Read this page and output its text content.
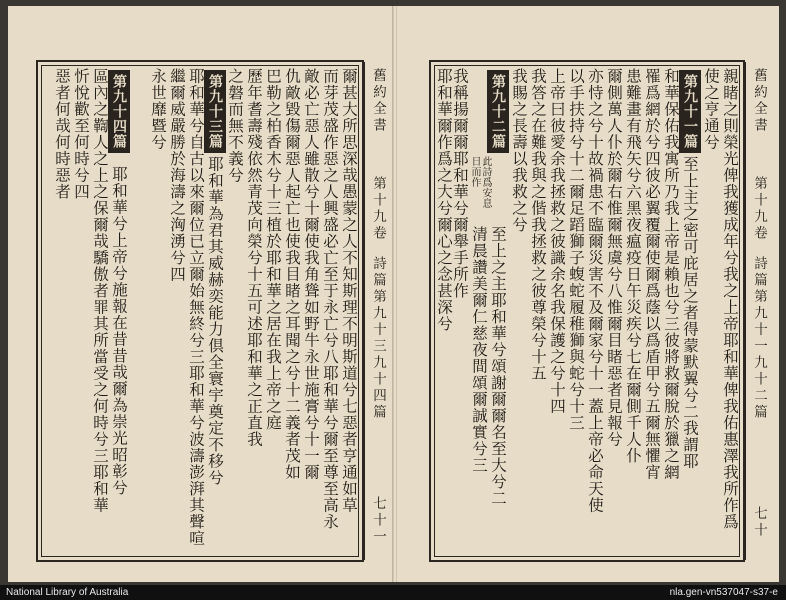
舊約全書
第十九卷
詩篇第九十三九十四篇
七十一
爾甚大所思深哉愚蒙之人不知斯理不明斯道兮七惡者亨通如草
而芽茂盛作惡之人興盛必亡至于永亡兮八耶和華兮爾至尊至高永
敵必亡惡人雖散兮十爾使我角聳如野牛永世施膏兮十一爾
仇敵毀傷爾惡人起亡也使我目睹之耳聞之兮十二義者茂如
巴勒之柏香木兮十三植於耶和華之居在我上帝之庭
歷年耆壽殘依然青茂向榮兮十五可述耶和華之正直我
之磐而無不義兮
第九十三篇
耶和華為君其威赫奕能力倶全寰宇奠定不移兮
耶和華兮自古以來爾位已立爾始無終兮三耶和華兮波濤澎湃其聲喧
繼爾威嚴勝於海濤之洶湧兮四
永世靡暨兮
第九十四篇
耶和華兮上帝兮施報在昔昔哉爾為崇光昭彰兮
區內之鞫人之上之保爾哉驕傲者罪其所當受之何時兮三耶和華
忻悅歡至何時兮四
惡者何哉何時惡者	舊約全書
第十九卷
詩篇第九十一九十二篇
七十
親睹之則榮光俾我獲成年兮我之上帝耶和華俾我佑惠澤我所作爲
使之亨通兮
第九十一篇
至上主之密可庇居之者得蒙默翼兮二我謂耶
和華保佑我寓所乃我上帝是賴也兮三彼將救爾脫於獵之網
罹爲網於兮四彼必翼覆爾使爾爲蔭以爲盾甲兮五爾無懼宵
患難畫有飛矢兮六黑夜瘟疫日午災疾兮七在爾側千人仆
爾側萬人仆於爾右惟爾無虞兮八惟爾目睹惡者見報兮
亦恃之兮十故禍患不臨爾災害不及爾家兮十一蓋上帝必命天使
以手扶持兮十二爾足蹈獅子蝮蛇履稚獅與蛇兮十三
上帝曰彼愛余我拯救之彼識余名我保護之兮十四
我答之在難我與之偕我拯救之彼尊榮兮十五
我賜之長壽以我救之兮
第九十二篇
此詩爲安息日而作
至上之主耶和華兮頌謝爾爾名至大兮二
清晨讚美爾仁慈夜間頌爾誠實兮三
我稱揚爾爾耶和華兮爾舉手所作
耶和華爾作爲之大兮爾心之念甚深兮
National Library of Australia	nla.gen-vn537047-s37-e
